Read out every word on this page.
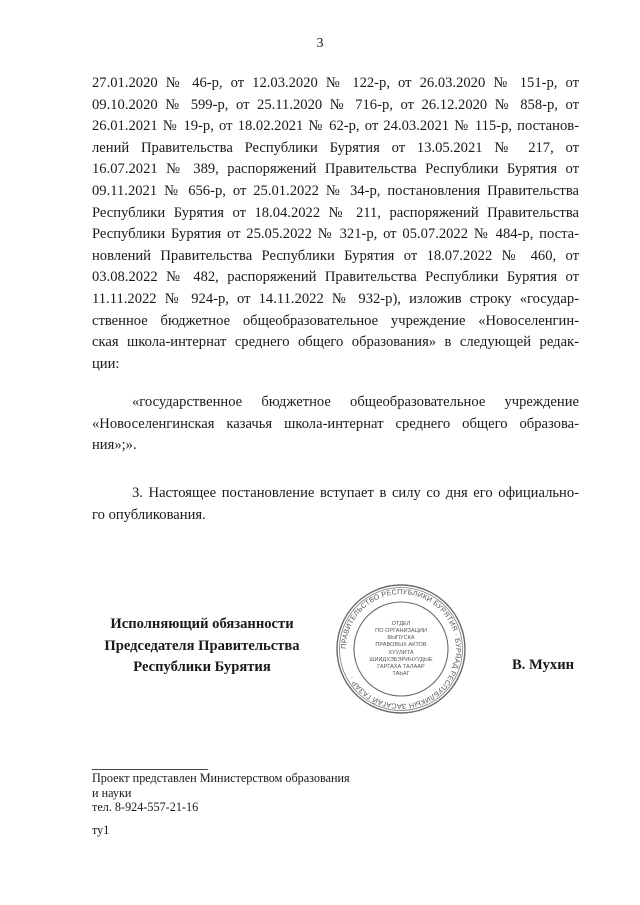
3
27.01.2020 № 46-р, от 12.03.2020 № 122-р, от 26.03.2020 № 151-р, от
09.10.2020 № 599-р, от 25.11.2020 № 716-р, от 26.12.2020 № 858-р, от
26.01.2021 № 19-р, от 18.02.2021 № 62-р, от 24.03.2021 № 115-р, постанов-
лений Правительства Республики Бурятия от 13.05.2021 № 217, от
16.07.2021 № 389, распоряжений Правительства Республики Бурятия от
09.11.2021 № 656-р, от 25.01.2022 № 34-р, постановления Правительства
Республики Бурятия от 18.04.2022 № 211, распоряжений Правительства
Республики Бурятия от 25.05.2022 № 321-р, от 05.07.2022 № 484-р, поста-
новлений Правительства Республики Бурятия от 18.07.2022 № 460, от
03.08.2022 № 482, распоряжений Правительства Республики Бурятия от
11.11.2022 № 924-р, от 14.11.2022 № 932-р), изложив строку «государ-
ственное бюджетное общеобразовательное учреждение «Новоселенгин-
ская школа-интернат среднего общего образования» в следующей редак-
ции:
«государственное бюджетное общеобразовательное учреждение
«Новоселенгинская казачья школа-интернат среднего общего образова-
ния»;».
3. Настоящее постановление вступает в силу со дня его официально-
го опубликования.
Исполняющий обязанности
Председателя Правительства
Республики Бурятия
ПРАВИТЕЛЬСТВО РЕСПУБЛИКИ БУРЯТИЯ · БУРЯАД РЕСПУБЛИКЫН ЗАСАГАЙ ГАЗАР ·
ОТДЕЛ
ПО ОРГАНИЗАЦИИ
ВЫПУСКА
ПРАВОВЫХ АКТОВ
ХУУЛИТА
ШИИДХЭБЭРИНУУДЫЕ
ГАРГАХА ТАЛААР
ТАЬАГ
В. Мухин
Проект представлен Министерством образования
и науки
тел. 8-924-557-21-16
ту1
